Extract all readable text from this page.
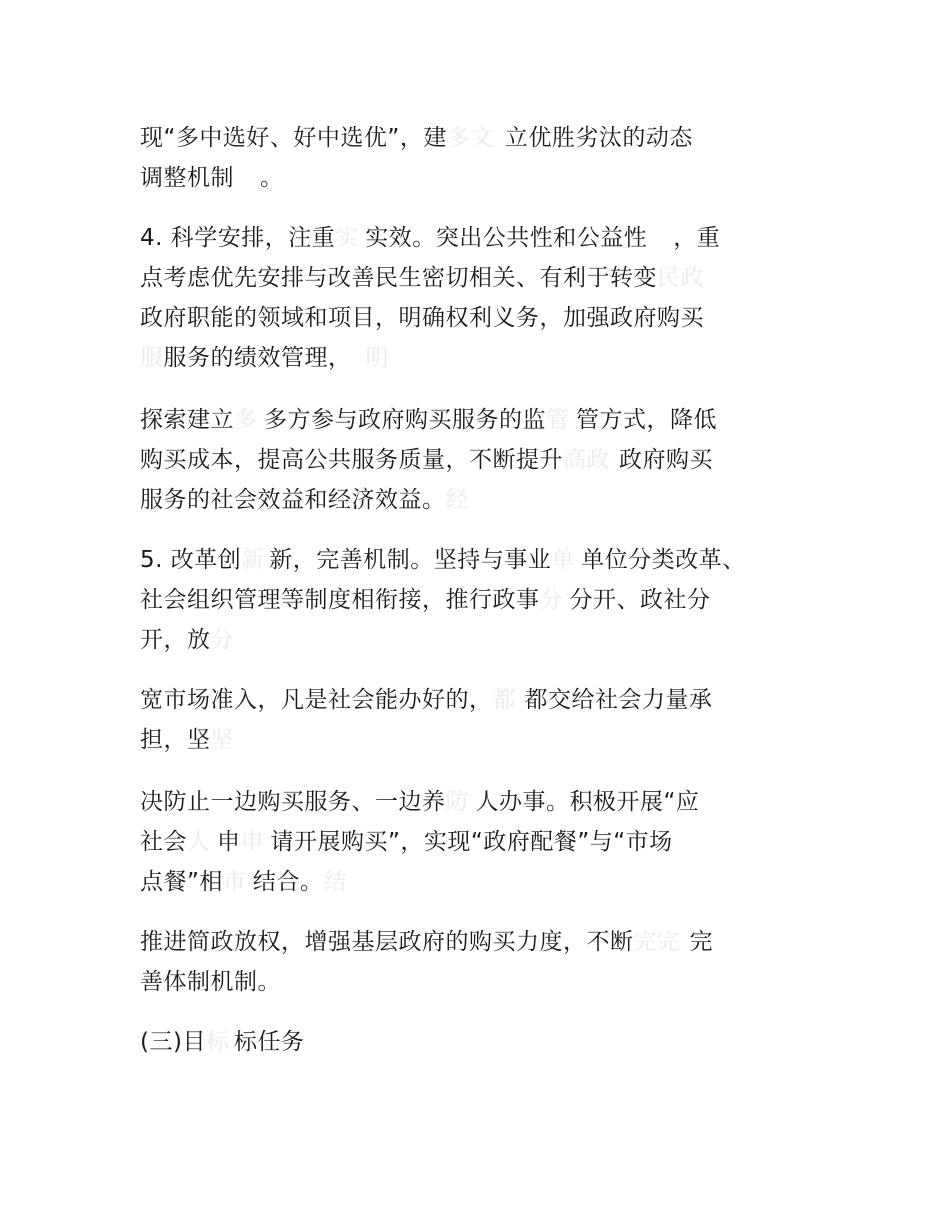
现“多中选好、好中选优”，建多文 立优胜劣汰的动态
调整机制 。

4. 科学安排，注重实 实效。突出公共性和公益性 ，重
点考虑优先安排与改善民生密切相关、有利于转变民政
政府职能的领域和项目，明确权利义务，加强政府购买
服服务的绩效管理， 明

探索建立多 多方参与政府购买服务的监管 管方式，降低
购买成本，提高公共服务质量，不断提升高政 政府购买
服务的社会效益和经济效益。经

5. 改革创新 新，完善机制。坚持与事业单 单位分类改革、
社会组织管理等制度相衔接，推行政事分 分开、政社分
开，放分

宽市场准入，凡是社会能办好的，都 都交给社会力量承
担，坚坚

决防止一边购买服务、一边养防 人办事。积极开展“应
社会人 申申 请开展购买”，实现“政府配餐”与“市场
点餐”相市 结合。结

推进简政放权，增强基层政府的购买力度，不断完完 完
善体制机制。

(三)目标 标任务
